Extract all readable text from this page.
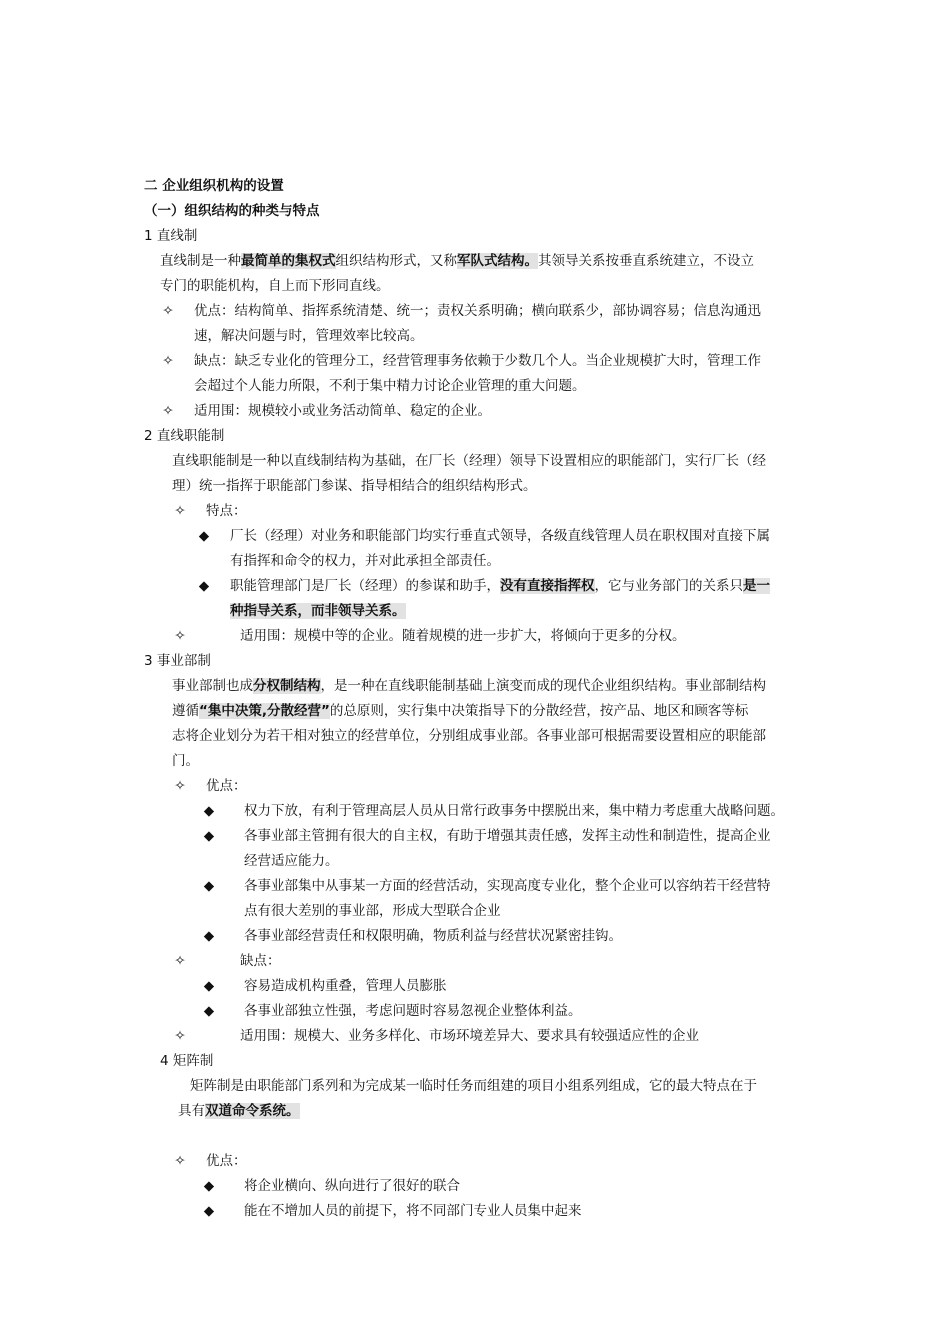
二 企业组织机构的设置
（一）组织结构的种类与特点
1 直线制
直线制是一种最简单的集权式组织结构形式，又称军队式结构。其领导关系按垂直系统建立，不设立
专门的职能机构，自上而下形同直线。
✧ 优点：结构简单、指挥系统清楚、统一；责权关系明确；横向联系少，部协调容易；信息沟通迅
速，解决问题与时，管理效率比较高。
✧ 缺点：缺乏专业化的管理分工，经营管理事务依赖于少数几个人。当企业规模扩大时，管理工作
会超过个人能力所限，不利于集中精力讨论企业管理的重大问题。
✧ 适用围：规模较小或业务活动简单、稳定的企业。
2 直线职能制
直线职能制是一种以直线制结构为基础，在厂长（经理）领导下设置相应的职能部门，实行厂长（经
理）统一指挥于职能部门参谋、指导相结合的组织结构形式。
✧ 特点：
◆ 厂长（经理）对业务和职能部门均实行垂直式领导，各级直线管理人员在职权围对直接下属
有指挥和命令的权力，并对此承担全部责任。
◆ 职能管理部门是厂长（经理）的参谋和助手，没有直接指挥权，它与业务部门的关系只是一
种指导关系，而非领导关系。
✧	适用围：规模中等的企业。随着规模的进一步扩大，将倾向于更多的分权。
3 事业部制
事业部制也成分权制结构，是一种在直线职能制基础上演变而成的现代企业组织结构。事业部制结构
遵循“集中决策,分散经营”的总原则，实行集中决策指导下的分散经营，按产品、地区和顾客等标
志将企业划分为若干相对独立的经营单位，分别组成事业部。各事业部可根据需要设置相应的职能部
门。
✧ 优点：
◆ 权力下放，有利于管理高层人员从日常行政事务中摆脱出来，集中精力考虑重大战略问题。
◆ 各事业部主管拥有很大的自主权，有助于增强其责任感，发挥主动性和制造性，提高企业
经营适应能力。
◆ 各事业部集中从事某一方面的经营活动，实现高度专业化，整个企业可以容纳若干经营特
点有很大差别的事业部，形成大型联合企业
◆ 各事业部经营责任和权限明确，物质利益与经营状况紧密挂钩。
✧	缺点：
◆ 容易造成机构重叠，管理人员膨胀
◆ 各事业部独立性强，考虑问题时容易忽视企业整体利益。
✧	适用围：规模大、业务多样化、市场环境差异大、要求具有较强适应性的企业
4 矩阵制
矩阵制是由职能部门系列和为完成某一临时任务而组建的项目小组系列组成，它的最大特点在于
具有双道命令系统。
✧ 优点：
◆ 将企业横向、纵向进行了很好的联合
◆ 能在不增加人员的前提下，将不同部门专业人员集中起来
